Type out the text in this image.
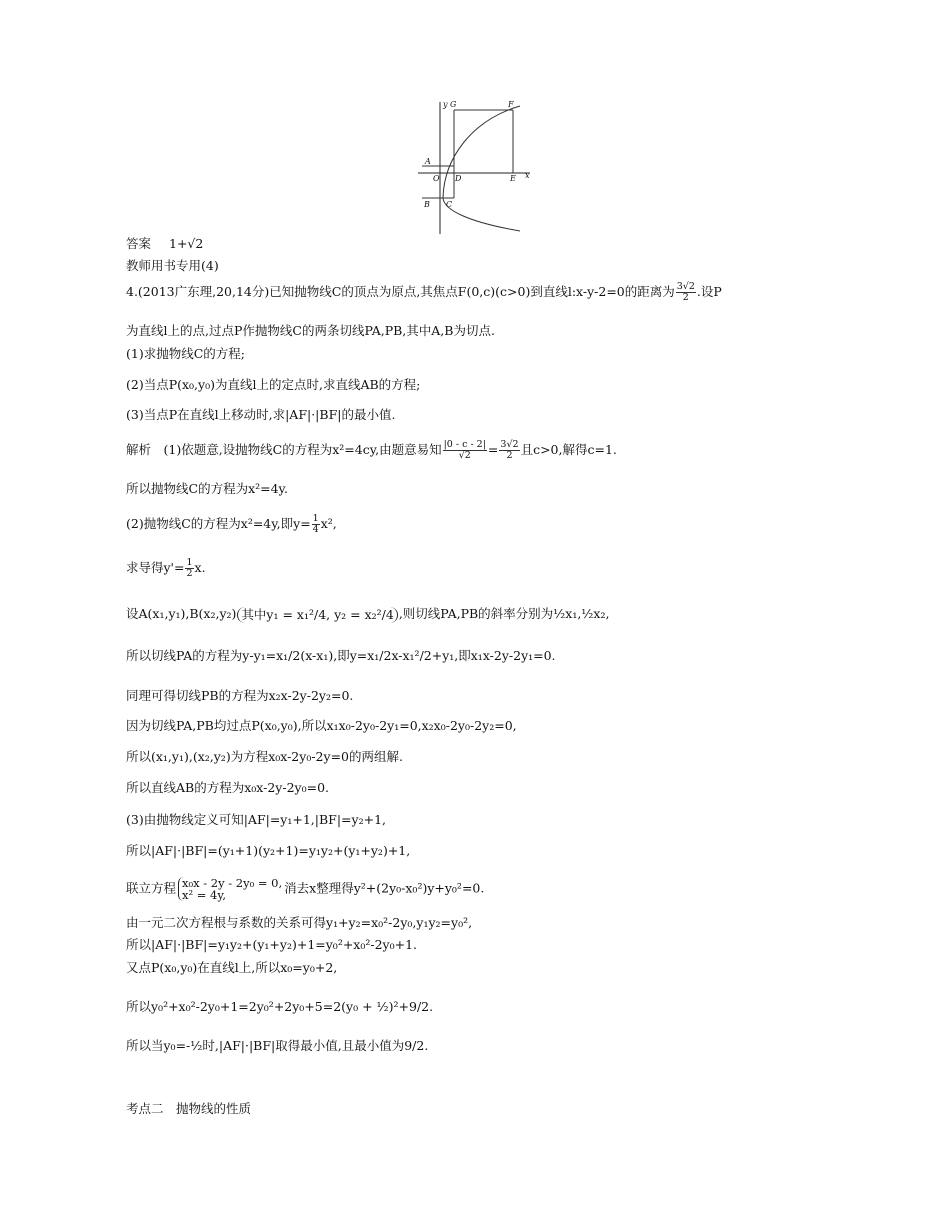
y G	F
A
O D	E x
B C
答案 1+√2
教师用书专用(4)
4.(2013广东理,20,14分)已知抛物线C的顶点为原点,其焦点F(0,c)(c>0)到直线l:x-y-2=0的距离为 $\frac{3√2}{2}$ .设P
为直线l上的点,过点P作抛物线C的两条切线PA,PB,其中A,B为切点.
(1)求抛物线C的方程;
(2)当点P(x₀,y₀)为直线l上的定点时,求直线AB的方程;
(3)当点P在直线l上移动时,求|AF|·|BF|的最小值.
解析　(1)依题意,设抛物线C的方程为x²=4cy,由题意易知 $\frac{|0 - c - 2|}{√2} = \frac{3√2}{2}$ 且c>0,解得c=1.
所以抛物线C的方程为x²=4y.
(2)抛物线C的方程为x²=4y,即$y= \frac{1}{4} x^2$,
求导得$y'= \frac{1}{2} x$.
设A(x₁,y₁),B(x₂,y₂) 其中y₁ = x₁²/4, y₂ = x₂²/4 ,则切线PA,PB的斜率分别为½x₁,½x₂,
所以切线PA的方程为y-y₁=x₁/2(x-x₁),即y=x₁/2x-x₁²/2+y₁,即x₁x-2y-2y₁=0.
同理可得切线PB的方程为x₂x-2y-2y₂=0.
因为切线PA,PB均过点P(x₀,y₀),所以x₁x₀-2y₀-2y₁=0,x₂x₀-2y₀-2y₂=0,
所以(x₁,y₁),(x₂,y₂)为方程x₀x-2y₀-2y=0的两组解.
所以直线AB的方程为x₀x-2y-2y₀=0.
(3)由抛物线定义可知|AF|=y₁+1,|BF|=y₂+1,
所以|AF|·|BF|=(y₁+1)(y₂+1)=y₁y₂+(y₁+y₂)+1,
联立方程 x₀x - 2y - 2y₀ = 0,
x² = 4y,	消去x整理得y²+(2y₀-x₀²)y+y₀²=0.
由一元二次方程根与系数的关系可得y₁+y₂=x₀²-2y₀,y₁y₂=y₀²,
所以|AF|·|BF|=y₁y₂+(y₁+y₂)+1=y₀²+x₀²-2y₀+1.
又点P(x₀,y₀)在直线l上,所以x₀=y₀+2,
所以y₀²+x₀²-2y₀+1=2y₀²+2y₀+5=2(y₀ + ½)²+9/2.
所以当y₀=-½时,|AF|·|BF|取得最小值,且最小值为9/2.
考点二　抛物线的性质
